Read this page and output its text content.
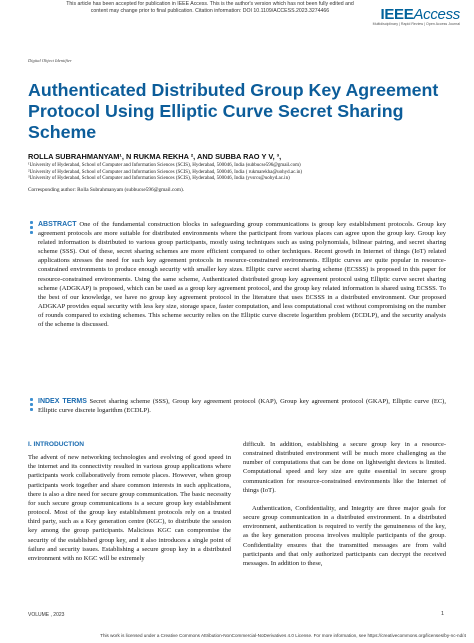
This article has been accepted for publication in IEEE Access. This is the author's version which has not been fully edited and
content may change prior to final publication. Citation information: DOI 10.1109/ACCESS.2023.3274466	IEEEAccess
Multidisciplinary | Rapid Review | Open Access Journal
Digital Object Identifier
Authenticated Distributed Group Key Agreement Protocol Using Elliptic Curve Secret Sharing Scheme
ROLLA SUBRAHMANYAM¹, N RUKMA REKHA ², AND SUBBA RAO Y V, ³,
¹University of Hyderabad, School of Computer and Information Sciences (SCIS), Hyderabad, 500046, India (subbucse596@gmail.com)
²University of Hyderabad, School of Computer and Information Sciences (SCIS), Hyderabad, 500046, India ( rukmarekha@uohyd.ac.in)
³University of Hyderabad, School of Computer and Information Sciences (SCIS), Hyderabad, 500046, India (yvsrcs@uohyd.ac.in)
Corresponding author: Rolla Subrahmanyam (subbucse596@gmail.com).
ABSTRACT One of the fundamental construction blocks in safeguarding group communications is group key establishment protocols. Group key agreement protocols are more suitable for distributed environments where the participant from various places can agree upon the group key. Group key related information is distributed to various group participants, mostly using techniques such as using polynomials, bilinear pairing, and secret sharing scheme (SSS). Out of these, secret sharing schemes are more efficient compared to other techniques. Recent growth in Internet of things (IoT) related applications stresses the need for such key agreement protocols in resource-constrained environments. Elliptic curves are quite popular in resource-constrained environments to produce enough security with smaller key sizes. Elliptic curve secret sharing scheme (ECSSS) is proposed in this paper for resource-constrained environments. Using the same scheme, Authenticated distributed group key agreement protocol using Elliptic curve secret sharing scheme (ADGKAP) is proposed, which can be used as a group key agreement protocol, and the group key related information is shared using ECSSS. To the best of our knowledge, we have no group key agreement protocol in the literature that uses ECSSS in a distributed environment. Our proposed ADGKAP provides equal security with less key size, storage space, faster computation, and less computational cost without compromising on the number of rounds compared to existing schemes. This scheme security relies on the Elliptic curve discrete logarithm problem (ECDLP), and the security analysis of the scheme is discussed.
INDEX TERMS Secret sharing scheme (SSS), Group key agreement protocol (KAP), Group key agreement protocol (GKAP), Elliptic curve (EC), Elliptic curve discrete logarithm (ECDLP).
I. INTRODUCTION

The advent of new networking technologies and evolving of good speed in the internet and its connectivity resulted in various group applications where participants work collaboratively from remote places. However, when group participants work together and share common interests in such applications, there is also a dire need for secure group communication. The basic necessity for such secure group communications is a secure group key establishment protocol. Most of the group key establishment protocols rely on a trusted third party, such as a Key generation centre (KGC), to distribute the session key among the group participants. Malicious KGC can compromise the security of the established group key, and it also introduces a single point of failure and security issues. Establishing a secure group key in a distributed environment with no KGC will be extremely

difficult. In addition, establishing a secure group key in a resource-constrained distributed environment will be much more challenging as the number of computations that can be done on lightweight devices is limited. Computational speed and key size are quite essential in secure group communication for resource-constrained environments like the Internet of things (IoT).

Authentication, Confidentiality, and Integrity are three major goals for secure group communication in a distributed environment. In a distributed environment, authentication is required to verify the genuineness of the key, as the key generation process involves multiple participants of the group. Confidentiality ensures that the transmitted messages are from valid participants and that only authorized participants can decrypt the received messages. In addition to these,

VOLUME , 2023	1
This work is licensed under a Creative Commons Attribution-NonCommercial-NoDerivatives 4.0 License. For more information, see https://creativecommons.org/licenses/by-nc-nd/4
